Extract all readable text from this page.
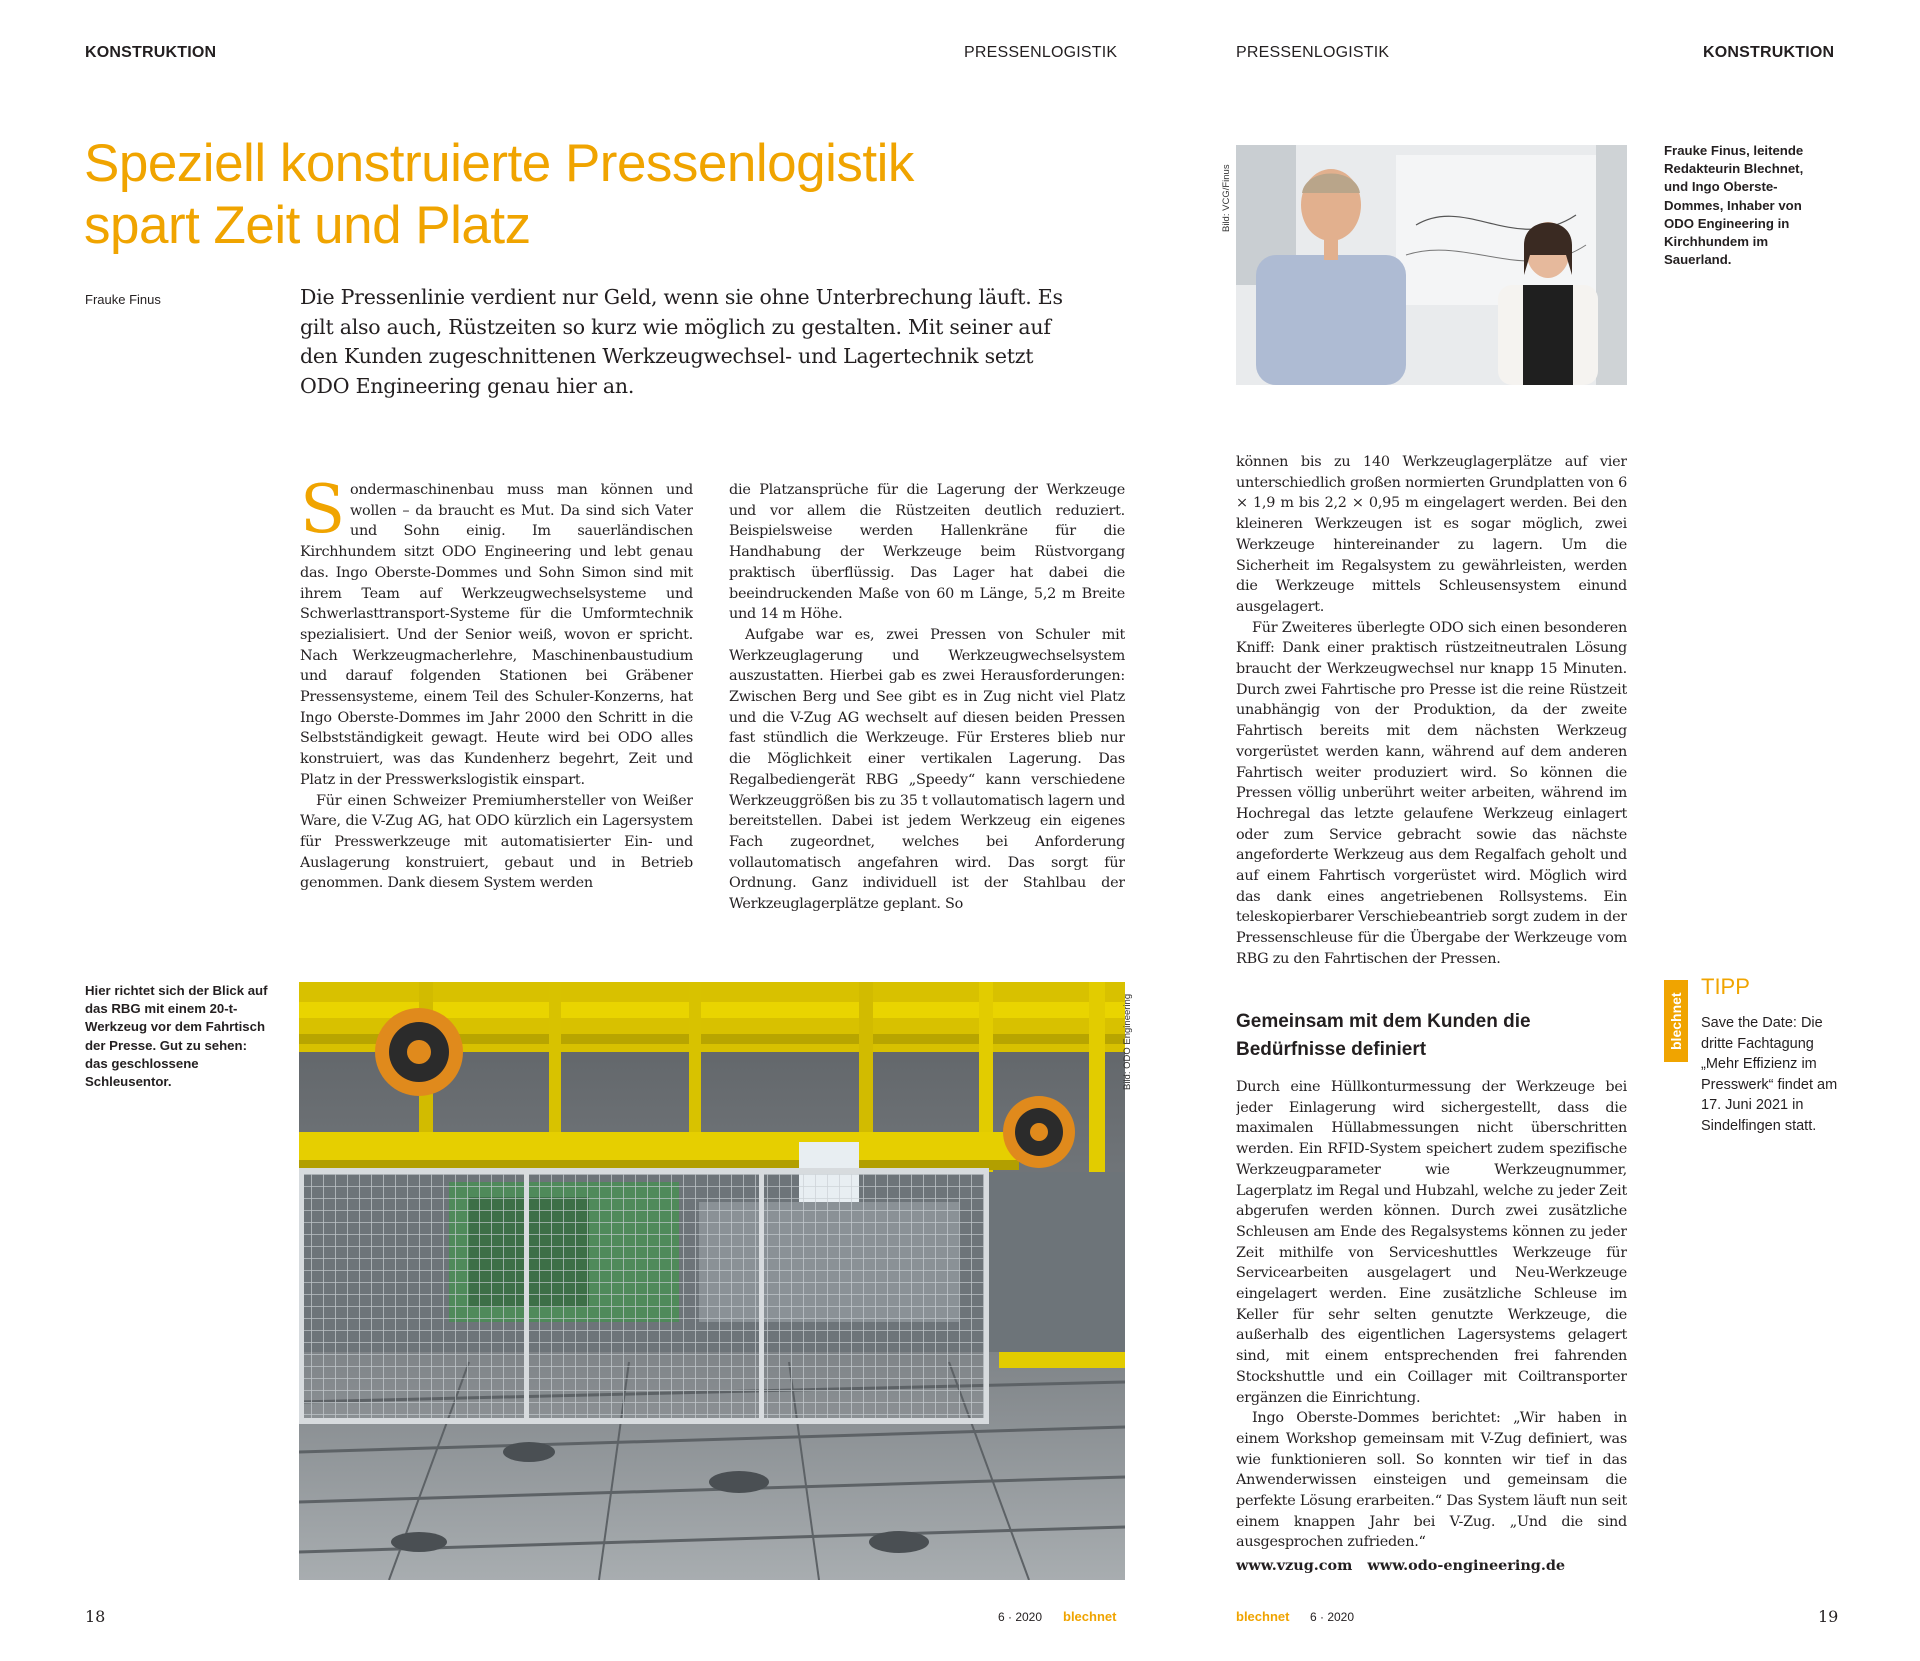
KONSTRUKTION	PRESSENLOGISTIK	PRESSENLOGISTIK	KONSTRUKTION
Speziell konstruierte Pressenlogistik
spart Zeit und Platz
Frauke Finus	Die Pressenlinie verdient nur Geld, wenn sie ohne Unterbrechung läuft. Es gilt also auch, Rüstzeiten so kurz wie möglich zu gestalten. Mit seiner auf den Kunden zugeschnittenen Werkzeugwechsel- und Lagertechnik setzt ODO Engineering genau hier an.

Sondermaschinenbau muss man können und wollen – da braucht es Mut. Da sind sich Vater und Sohn einig. Im sauerländischen Kirchhundem sitzt ODO Engineering und lebt genau das. Ingo Oberste-Dommes und Sohn Simon sind mit ihrem Team auf Werkzeugwechselsysteme und Schwerlasttransport-Systeme für die Umformtechnik spezialisiert. Und der Senior weiß, wovon er spricht. Nach Werkzeugmacherlehre, Maschinenbaustudium und darauf folgenden Stationen bei Gräbener Pressensysteme, einem Teil des Schuler-Konzerns, hat Ingo Oberste-Dommes im Jahr 2000 den Schritt in die Selbstständigkeit gewagt. Heute wird bei ODO alles konstruiert, was das Kundenherz begehrt, Zeit und Platz in der Presswerkslogistik einspart.

Für einen Schweizer Premiumhersteller von Weißer Ware, die V-Zug AG, hat ODO kürzlich ein Lagersystem für Presswerkzeuge mit automatisierter Ein- und Auslagerung konstruiert, gebaut und in Betrieb genommen. Dank diesem System werden

die Platzansprüche für die Lagerung der Werkzeuge und vor allem die Rüstzeiten deutlich reduziert. Beispielsweise werden Hallenkräne für die Handhabung der Werkzeuge beim Rüstvorgang praktisch überflüssig. Das Lager hat dabei die beeindruckenden Maße von 60 m Länge, 5,2 m Breite und 14 m Höhe.

Aufgabe war es, zwei Pressen von Schuler mit Werkzeuglagerung und Werkzeugwechselsystem auszustatten. Hierbei gab es zwei Herausforderungen: Zwischen Berg und See gibt es in Zug nicht viel Platz und die V-Zug AG wechselt auf diesen beiden Pressen fast stündlich die Werkzeuge. Für Ersteres blieb nur die Möglichkeit einer vertikalen Lagerung. Das Regalbediengerät RBG „Speedy“ kann verschiedene Werkzeuggrößen bis zu 35 t vollautomatisch lagern und bereitstellen. Dabei ist jedem Werkzeug ein eigenes Fach zugeordnet, welches bei Anforderung vollautomatisch angefahren wird. Das sorgt für Ordnung. Ganz individuell ist der Stahlbau der Werkzeuglagerplätze geplant. So

Hier richtet sich der Blick auf das RBG mit einem 20-t-Werkzeug vor dem Fahrtisch der Presse. Gut zu sehen: das geschlossene Schleusentor.	Bild: ODO Engineering
18	6 · 2020 blechnet
Bild: VCG/Finus
Frauke Finus, leitende Redakteurin Blechnet, und Ingo Oberste-Dommes, Inhaber von ODO Engineering in Kirchhundem im Sauerland.

können bis zu 140 Werkzeuglagerplätze auf vier unterschiedlich großen normierten Grundplatten von 6 × 1,9 m bis 2,2 × 0,95 m eingelagert werden. Bei den kleineren Werkzeugen ist es sogar möglich, zwei Werkzeuge hintereinander zu lagern. Um die Sicherheit im Regalsystem zu gewährleisten, werden die Werkzeuge mittels Schleusensystem einund ausgelagert.

Für Zweiteres überlegte ODO sich einen besonderen Kniff: Dank einer praktisch rüstzeitneutralen Lösung braucht der Werkzeugwechsel nur knapp 15 Minuten. Durch zwei Fahrtische pro Presse ist die reine Rüstzeit unabhängig von der Produktion, da der zweite Fahrtisch bereits mit dem nächsten Werkzeug vorgerüstet werden kann, während auf dem anderen Fahrtisch weiter produziert wird. So können die Pressen völlig unberührt weiter arbeiten, während im Hochregal das letzte gelaufene Werkzeug einlagert oder zum Service gebracht sowie das nächste angeforderte Werkzeug aus dem Regalfach geholt und auf einem Fahrtisch vorgerüstet wird. Möglich wird das dank eines angetriebenen Rollsystems. Ein teleskopierbarer Verschiebeantrieb sorgt zudem in der Pressenschleuse für die Übergabe der Werkzeuge vom RBG zu den Fahrtischen der Pressen.

Gemeinsam mit dem Kunden die Bedürfnisse definiert

Durch eine Hüllkonturmessung der Werkzeuge bei jeder Einlagerung wird sichergestellt, dass die maximalen Hüllabmessungen nicht überschritten werden. Ein RFID-System speichert zudem spezifische Werkzeugparameter wie Werkzeugnummer, Lagerplatz im Regal und Hubzahl, welche zu jeder Zeit abgerufen werden können. Durch zwei zusätzliche Schleusen am Ende des Regalsystems können zu jeder Zeit mithilfe von Serviceshuttles Werkzeuge für Servicearbeiten ausgelagert und Neu-Werkzeuge eingelagert werden. Eine zusätzliche Schleuse im Keller für sehr selten genutzte Werkzeuge, die außerhalb des eigentlichen Lagersystems gelagert sind, mit einem entsprechenden frei fahrenden Stockshuttle und ein Coillager mit Coiltransporter ergänzen die Einrichtung.

Ingo Oberste-Dommes berichtet: „Wir haben in einem Workshop gemeinsam mit V-Zug definiert, was wie funktionieren soll. So konnten wir tief in das Anwenderwissen einsteigen und gemeinsam die perfekte Lösung erarbeiten.“ Das System läuft nun seit einem knappen Jahr bei V-Zug. „Und die sind ausgesprochen zufrieden.“

www.vzug.com   www.odo-engineering.de
blechnet
TIPP
Save the Date: Die dritte Fachtagung „Mehr Effizienz im Presswerk“ findet am 17. Juni 2021 in Sindelfingen statt.
blechnet 6 · 2020	19
